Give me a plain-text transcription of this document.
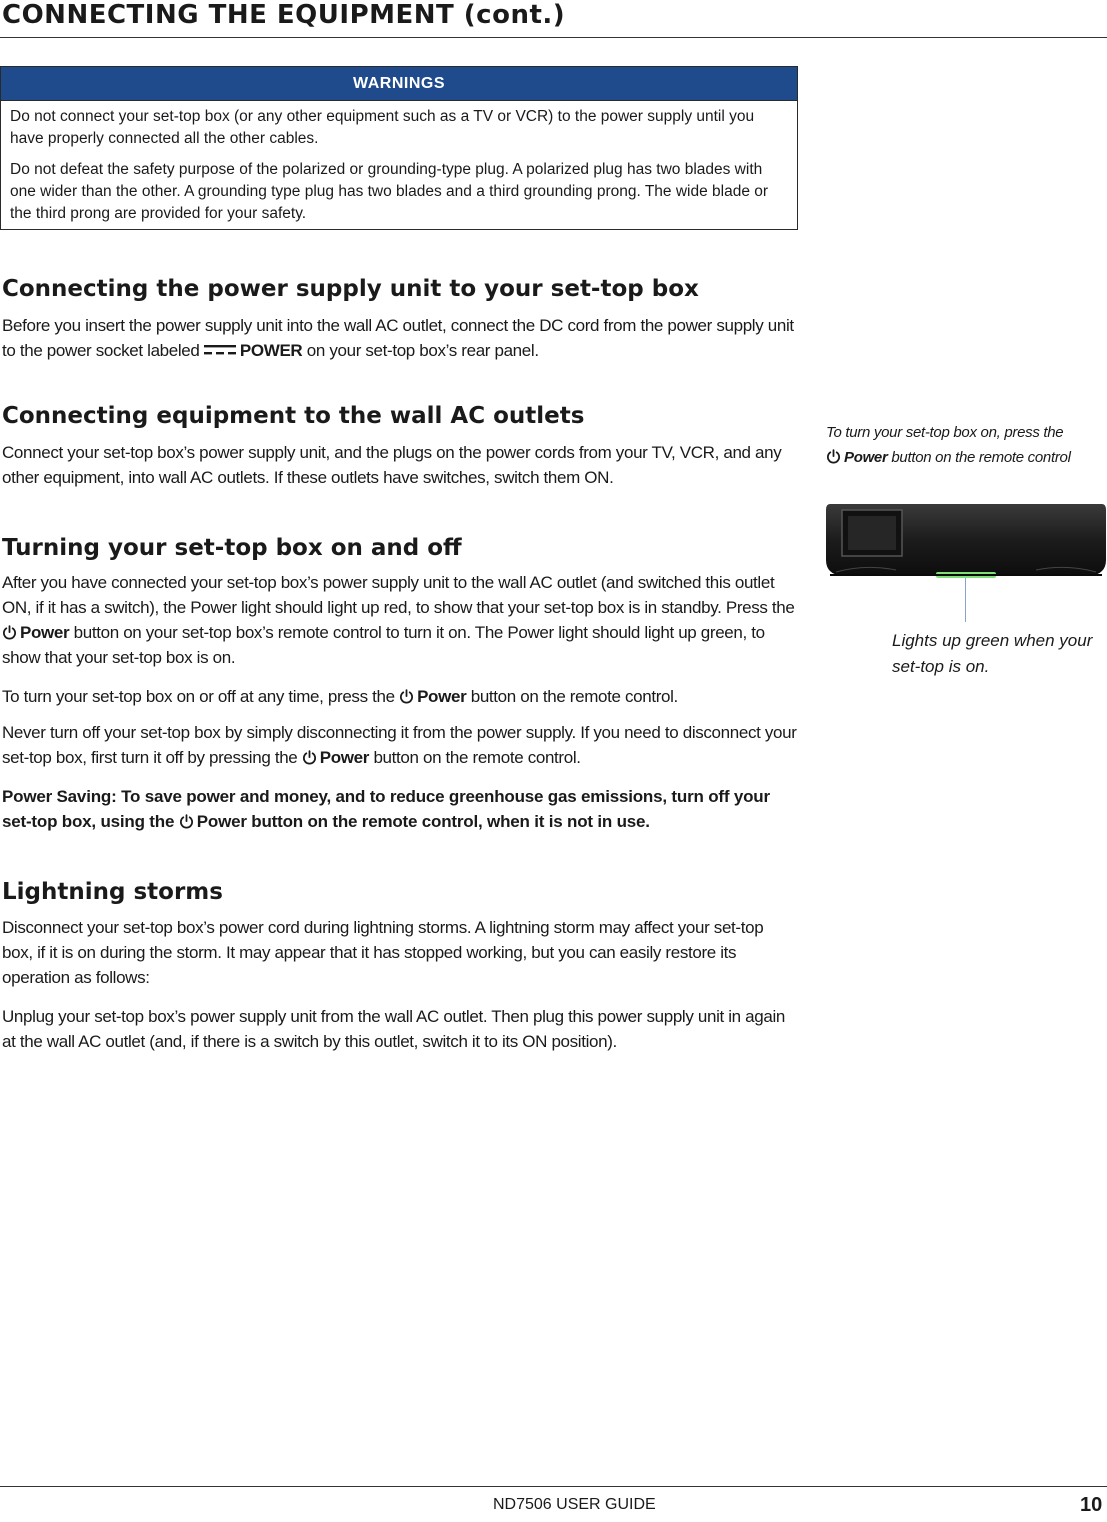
CONNECTING THE EQUIPMENT (cont.)
WARNINGS

Do not connect your set-top box (or any other equipment such as a TV or VCR) to the power supply until you have properly connected all the other cables.

Do not defeat the safety purpose of the polarized or grounding-type plug. A polarized plug has two blades with one wider than the other. A grounding type plug has two blades and a third grounding prong. The wide blade or the third prong are provided for your safety.

Connecting the power supply unit to your set-top box

Before you insert the power supply unit into the wall AC outlet, connect the DC cord from the power supply unit to the power socket labeled POWER on your set-top box’s rear panel.

Connecting equipment to the wall AC outlets

Connect your set-top box’s power supply unit, and the plugs on the power cords from your TV, VCR, and any other equipment, into wall AC outlets. If these outlets have switches, switch them ON.

Turning your set-top box on and off

After you have connected your set-top box’s power supply unit to the wall AC outlet (and switched this outlet ON, if it has a switch), the Power light should light up red, to show that your set-top box is in standby. Press the Power button on your set-top box’s remote control to turn it on. The Power light should light up green, to show that your set-top box is on.

To turn your set-top box on or off at any time, press the Power button on the remote control.

Never turn off your set-top box by simply disconnecting it from the power supply. If you need to disconnect your set-top box, first turn it off by pressing the Power button on the remote control.

Power Saving: To save power and money, and to reduce greenhouse gas emissions, turn off your set-top box, using the Power button on the remote control, when it is not in use.

Lightning storms

Disconnect your set-top box’s power cord during lightning storms. A lightning storm may affect your set-top box, if it is on during the storm. It may appear that it has stopped working, but you can easily restore its operation as follows:

Unplug your set-top box’s power supply unit from the wall AC outlet. Then plug this power supply unit in again at the wall AC outlet (and, if there is a switch by this outlet, switch it to its ON position).

To turn your set-top box on, press the
Power button on the remote control
Lights up green when your set-top is on.
ND7506 USER GUIDE	10
